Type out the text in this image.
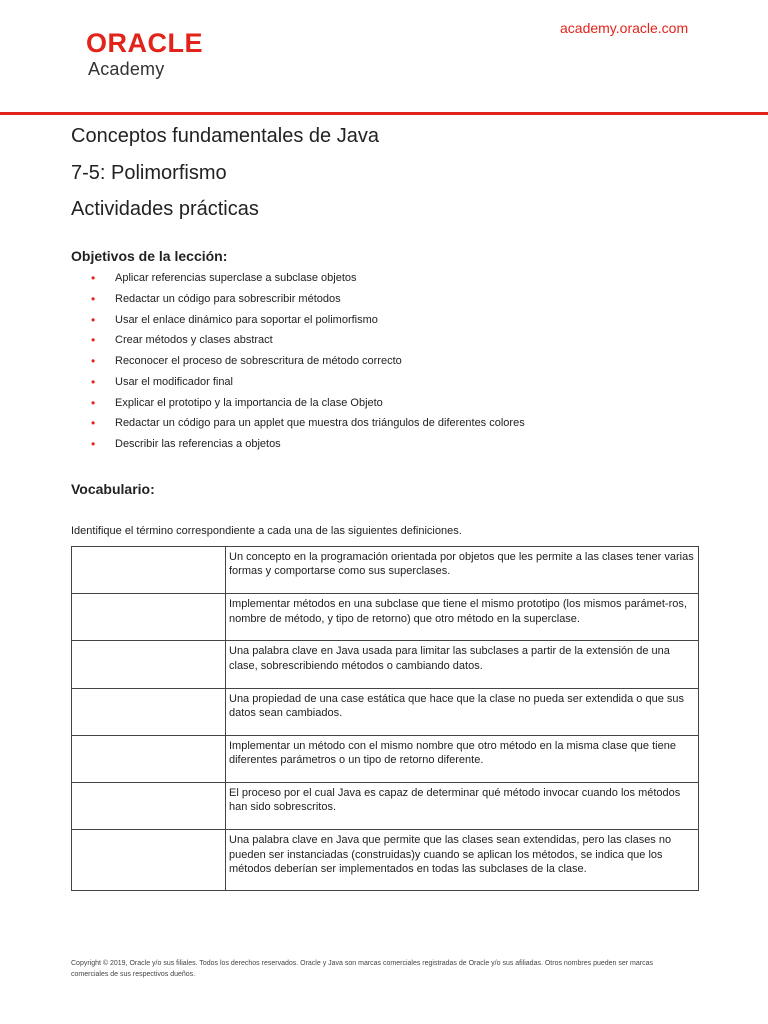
ORACLE
Academy
academy.oracle.com
Conceptos fundamentales de Java
7-5: Polimorfismo
Actividades prácticas
Objetivos de la lección:
• Aplicar referencias superclase a subclase objetos
• Redactar un código para sobrescribir métodos
• Usar el enlace dinámico para soportar el polimorfismo
• Crear métodos y clases abstract
• Reconocer el proceso de sobrescritura de método correcto
• Usar el modificador final
• Explicar el prototipo y la importancia de la clase Objeto
• Redactar un código para un applet que muestra dos triángulos de diferentes colores
• Describir las referencias a objetos
Vocabulario:
Identifique el término correspondiente a cada una de las siguientes definiciones.
	Un concepto en la programación orientada por objetos que les permite a las clases tener varias formas y comportarse como sus superclases.
	Implementar métodos en una subclase que tiene el mismo prototipo (los mismos parámet-ros, nombre de método, y tipo de retorno) que otro método en la superclase.
	Una palabra clave en Java usada para limitar las subclases a partir de la extensión de una clase, sobrescribiendo métodos o cambiando datos.
	Una propiedad de una case estática que hace que la clase no pueda ser extendida o que sus datos sean cambiados.
	Implementar un método con el mismo nombre que otro método en la misma clase que tiene diferentes parámetros o un tipo de retorno diferente.
	El proceso por el cual Java es capaz de determinar qué método invocar cuando los métodos han sido sobrescritos.
	Una palabra clave en Java que permite que las clases sean extendidas, pero las clases no pueden ser instanciadas (construidas)y cuando se aplican los métodos, se indica que los métodos deberían ser implementados en todas las subclases de la clase.
Copyright © 2019, Oracle y/o sus filiales. Todos los derechos reservados. Oracle y Java son marcas comerciales registradas de Oracle y/o sus afiliadas. Otros nombres pueden ser marcas comerciales de sus respectivos dueños.
